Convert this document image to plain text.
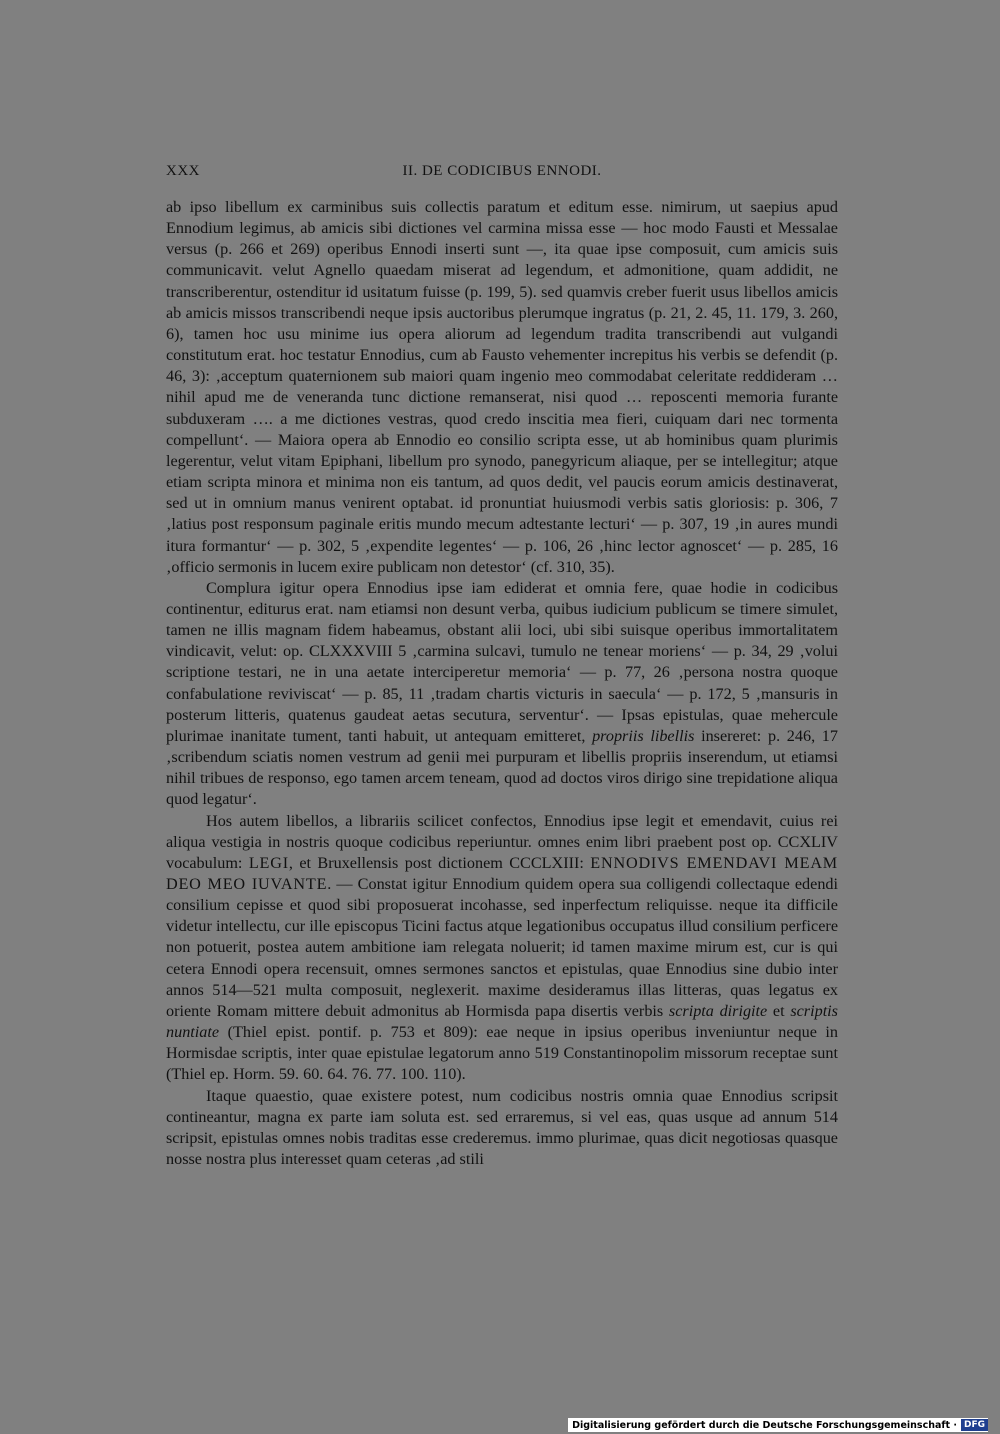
XXX	II. DE CODICIBUS ENNODI.

ab ipso libellum ex carminibus suis collectis paratum et editum esse. nimirum, ut saepius apud Ennodium legimus, ab amicis sibi dictiones vel carmina missa esse — hoc modo Fausti et Messalae versus (p. 266 et 269) operibus Ennodi inserti sunt —, ita quae ipse composuit, cum amicis suis communicavit. velut Agnello quaedam miserat ad legendum, et admonitione, quam addidit, ne transcriberentur, ostenditur id usitatum fuisse (p. 199, 5). sed quamvis creber fuerit usus libellos amicis ab amicis missos transcribendi neque ipsis auctoribus plerumque ingratus (p. 21, 2. 45, 11. 179, 3. 260, 6), tamen hoc usu minime ius opera aliorum ad legendum tradita transcribendi aut vulgandi constitutum erat. hoc testatur Ennodius, cum ab Fausto vehementer increpitus his verbis se defendit (p. 46, 3): ‚acceptum quaternionem sub maiori quam ingenio meo commodabat celeritate reddideram … nihil apud me de veneranda tunc dictione remanserat, nisi quod … reposcenti memoria furante subduxeram …. a me dictiones vestras, quod credo inscitia mea fieri, cuiquam dari nec tormenta compellunt‘. — Maiora opera ab Ennodio eo consilio scripta esse, ut ab hominibus quam plurimis legerentur, velut vitam Epiphani, libellum pro synodo, panegyricum aliaque, per se intellegitur; atque etiam scripta minora et minima non eis tantum, ad quos dedit, vel paucis eorum amicis destinaverat, sed ut in omnium manus venirent optabat. id pronuntiat huiusmodi verbis satis gloriosis: p. 306, 7 ‚latius post responsum paginale eritis mundo mecum adtestante lecturi‘ — p. 307, 19 ‚in aures mundi itura formantur‘ — p. 302, 5 ‚expendite legentes‘ — p. 106, 26 ‚hinc lector agnoscet‘ — p. 285, 16 ‚officio sermonis in lucem exire publicam non detestor‘ (cf. 310, 35).

Complura igitur opera Ennodius ipse iam ediderat et omnia fere, quae hodie in codicibus continentur, editurus erat. nam etiamsi non desunt verba, quibus iudicium publicum se timere simulet, tamen ne illis magnam fidem habeamus, obstant alii loci, ubi sibi suisque operibus immortalitatem vindicavit, velut: op. CLXXXVIII 5 ‚carmina sulcavi, tumulo ne tenear moriens‘ — p. 34, 29 ‚volui scriptione testari, ne in una aetate interciperetur memoria‘ — p. 77, 26 ‚persona nostra quoque confabulatione reviviscat‘ — p. 85, 11 ‚tradam chartis victuris in saecula‘ — p. 172, 5 ‚mansuris in posterum litteris, quatenus gaudeat aetas secutura, serventur‘. — Ipsas epistulas, quae mehercule plurimae inanitate tument, tanti habuit, ut antequam emitteret, propriis libellis insereret: p. 246, 17 ‚scribendum sciatis nomen vestrum ad genii mei purpuram et libellis propriis inserendum, ut etiamsi nihil tribues de responso, ego tamen arcem teneam, quod ad doctos viros dirigo sine trepidatione aliqua quod legatur‘.

Hos autem libellos, a librariis scilicet confectos, Ennodius ipse legit et emendavit, cuius rei aliqua vestigia in nostris quoque codicibus reperiuntur. omnes enim libri praebent post op. CCXLIV vocabulum: LEGI, et Bruxellensis post dictionem CCCLXIII: ENNODIVS EMENDAVI MEAM DEO MEO IUVANTE. — Constat igitur Ennodium quidem opera sua colligendi collectaque edendi consilium cepisse et quod sibi proposuerat incohasse, sed inperfectum reliquisse. neque ita difficile videtur intellectu, cur ille episcopus Ticini factus atque legationibus occupatus illud consilium perficere non potuerit, postea autem ambitione iam relegata noluerit; id tamen maxime mirum est, cur is qui cetera Ennodi opera recensuit, omnes sermones sanctos et epistulas, quae Ennodius sine dubio inter annos 514—521 multa composuit, neglexerit. maxime desideramus illas litteras, quas legatus ex oriente Romam mittere debuit admonitus ab Hormisda papa disertis verbis scripta dirigite et scriptis nuntiate (Thiel epist. pontif. p. 753 et 809): eae neque in ipsius operibus inveniuntur neque in Hormisdae scriptis, inter quae epistulae legatorum anno 519 Constantinopolim missorum receptae sunt (Thiel ep. Horm. 59. 60. 64. 76. 77. 100. 110).

Itaque quaestio, quae existere potest, num codicibus nostris omnia quae Ennodius scripsit contineantur, magna ex parte iam soluta est. sed erraremus, si vel eas, quas usque ad annum 514 scripsit, epistulas omnes nobis traditas esse crederemus. immo plurimae, quas dicit negotiosas quasque nosse nostra plus interesset quam ceteras ‚ad stili

Digitalisierung gefördert durch die Deutsche Forschungsgemeinschaft · DFG
